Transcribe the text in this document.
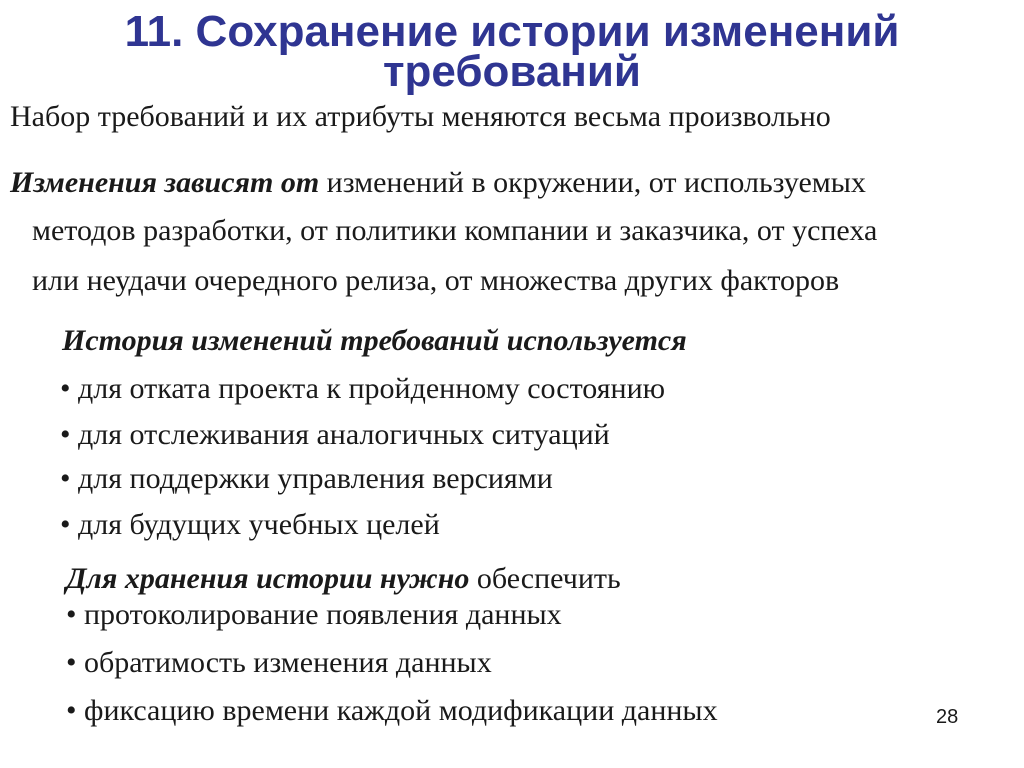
11. Сохранение истории изменений
требований

Набор требований и их атрибуты меняются весьма произвольно

Изменения зависят от изменений в окружении, от используемых

методов разработки, от политики компании и заказчика, от успеха

или неудачи очередного релиза, от множества других факторов

История изменений требований используется

• для отката проекта к пройденному состоянию

• для отслеживания аналогичных ситуаций

• для поддержки управления версиями

• для будущих учебных целей

Для хранения истории нужно обеспечить

• протоколирование появления данных

• обратимость изменения данных

• фиксацию времени каждой модификации данных	28
